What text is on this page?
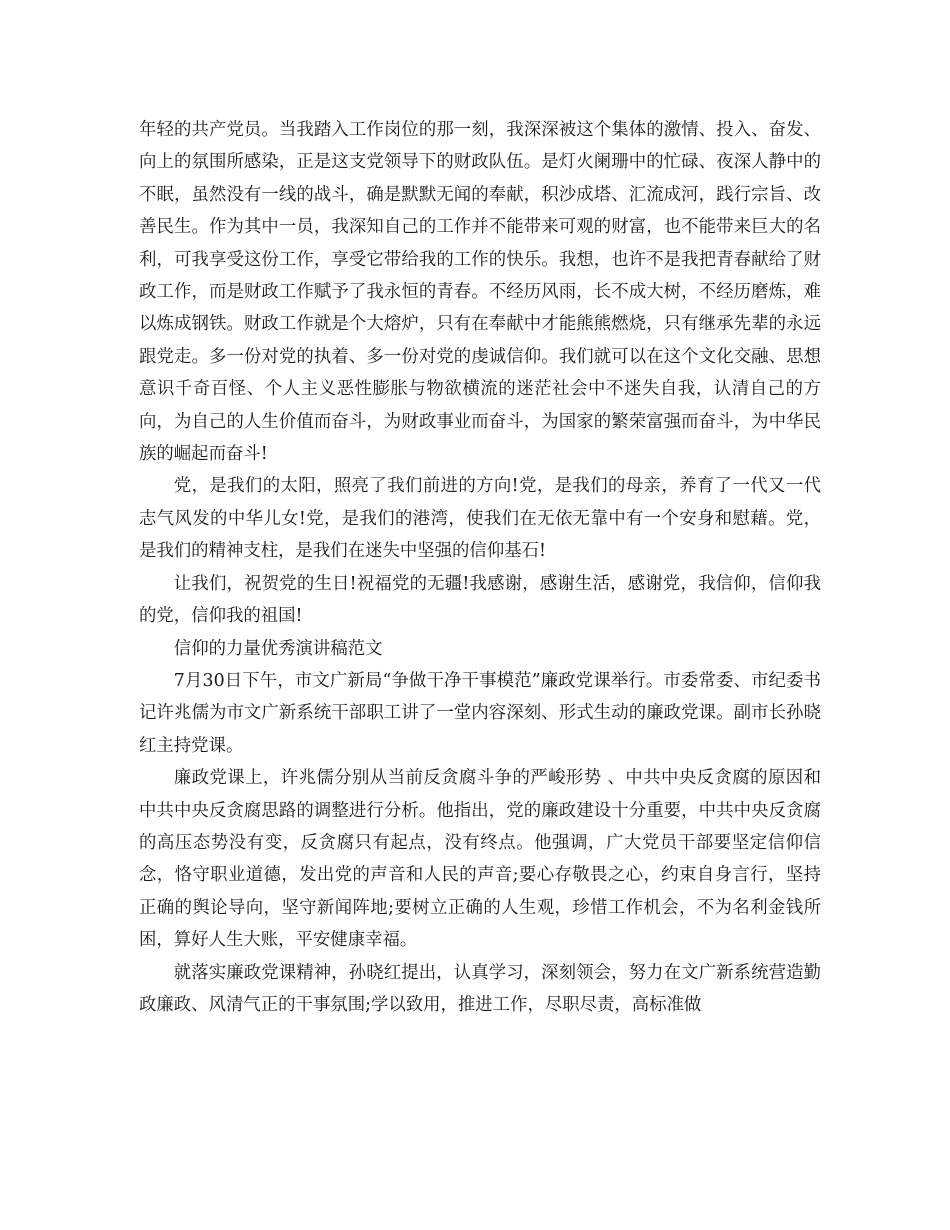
年轻的共产党员。当我踏入工作岗位的那一刻，我深深被这个集体的激情、投入、奋发、向上的氛围所感染，正是这支党领导下的财政队伍。是灯火阑珊中的忙碌、夜深人静中的不眠，虽然没有一线的战斗，确是默默无闻的奉献，积沙成塔、汇流成河，践行宗旨、改善民生。作为其中一员，我深知自己的工作并不能带来可观的财富，也不能带来巨大的名利，可我享受这份工作，享受它带给我的工作的快乐。我想，也许不是我把青春献给了财政工作，而是财政工作赋予了我永恒的青春。不经历风雨，长不成大树，不经历磨炼，难以炼成钢铁。财政工作就是个大熔炉，只有在奉献中才能熊熊燃烧，只有继承先辈的永远跟党走。多一份对党的执着、多一份对党的虔诚信仰。我们就可以在这个文化交融、思想意识千奇百怪、个人主义恶性膨胀与物欲横流的迷茫社会中不迷失自我，认清自己的方向，为自己的人生价值而奋斗，为财政事业而奋斗，为国家的繁荣富强而奋斗，为中华民族的崛起而奋斗!

党，是我们的太阳，照亮了我们前进的方向!党，是我们的母亲，养育了一代又一代志气风发的中华儿女!党，是我们的港湾，使我们在无依无靠中有一个安身和慰藉。党，是我们的精神支柱，是我们在迷失中坚强的信仰基石!

让我们，祝贺党的生日!祝福党的无疆!我感谢，感谢生活，感谢党，我信仰，信仰我的党，信仰我的祖国!

信仰的力量优秀演讲稿范文

7月30日下午，市文广新局“争做干净干事模范”廉政党课举行。市委常委、市纪委书记许兆儒为市文广新系统干部职工讲了一堂内容深刻、形式生动的廉政党课。副市长孙晓红主持党课。

廉政党课上，许兆儒分别从当前反贪腐斗争的严峻形势 、中共中央反贪腐的原因和中共中央反贪腐思路的调整进行分析。他指出，党的廉政建设十分重要，中共中央反贪腐的高压态势没有变，反贪腐只有起点，没有终点。他强调，广大党员干部要坚定信仰信念，恪守职业道德，发出党的声音和人民的声音;要心存敬畏之心，约束自身言行，坚持正确的舆论导向，坚守新闻阵地;要树立正确的人生观，珍惜工作机会，不为名利金钱所困，算好人生大账，平安健康幸福。

就落实廉政党课精神，孙晓红提出，认真学习，深刻领会，努力在文广新系统营造勤政廉政、风清气正的干事氛围;学以致用，推进工作，尽职尽责，高标准做
